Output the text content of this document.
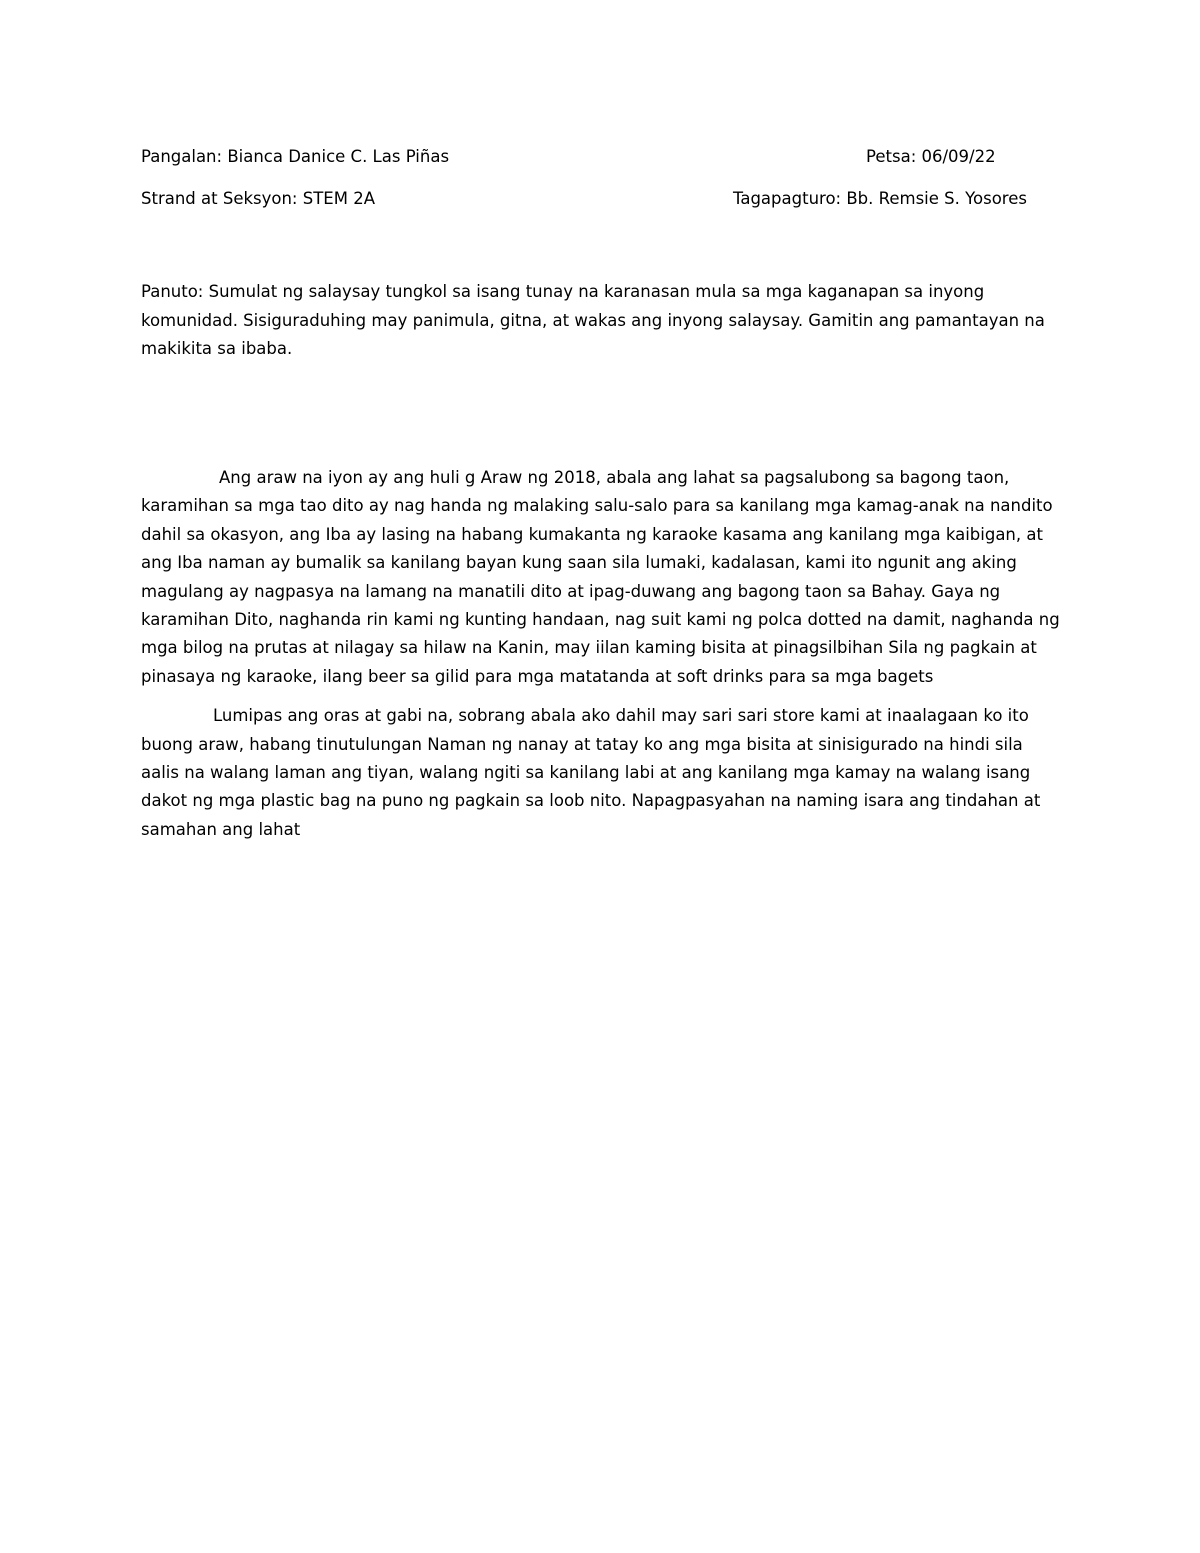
Pangalan: Bianca Danice C. Las Piñas	Petsa: 06/09/22
Strand at Seksyon: STEM 2A	Tagapagturo: Bb. Remsie S. Yosores
Panuto: Sumulat ng salaysay tungkol sa isang tunay na karanasan mula sa mga kaganapan sa inyong komunidad. Sisiguraduhing may panimula, gitna, at wakas ang inyong salaysay. Gamitin ang pamantayan na makikita sa ibaba.

Ang araw na iyon ay ang huli g Araw ng 2018, abala ang lahat sa pagsalubong sa bagong taon, karamihan sa mga tao dito ay nag handa ng malaking salu-salo para sa kanilang mga kamag-anak na nandito dahil sa okasyon, ang Iba ay lasing na habang kumakanta ng karaoke kasama ang kanilang mga kaibigan, at ang Iba naman ay bumalik sa kanilang bayan kung saan sila lumaki, kadalasan, kami ito ngunit ang aking magulang ay nagpasya na lamang na manatili dito at ipag-duwang ang bagong taon sa Bahay. Gaya ng karamihan Dito, naghanda rin kami ng kunting handaan, nag suit kami ng polca dotted na damit, naghanda ng mga bilog na prutas at nilagay sa hilaw na Kanin, may iilan kaming bisita at pinagsilbihan Sila ng pagkain at pinasaya ng karaoke, ilang beer sa gilid para mga matatanda at soft drinks para sa mga bagets

Lumipas ang oras at gabi na, sobrang abala ako dahil may sari sari store kami at inaalagaan ko ito buong araw, habang tinutulungan Naman ng nanay at tatay ko ang mga bisita at sinisigurado na hindi sila aalis na walang laman ang tiyan, walang ngiti sa kanilang labi at ang kanilang mga kamay na walang isang dakot ng mga plastic bag na puno ng pagkain sa loob nito. Napagpasyahan na naming isara ang tindahan at samahan ang lahat
